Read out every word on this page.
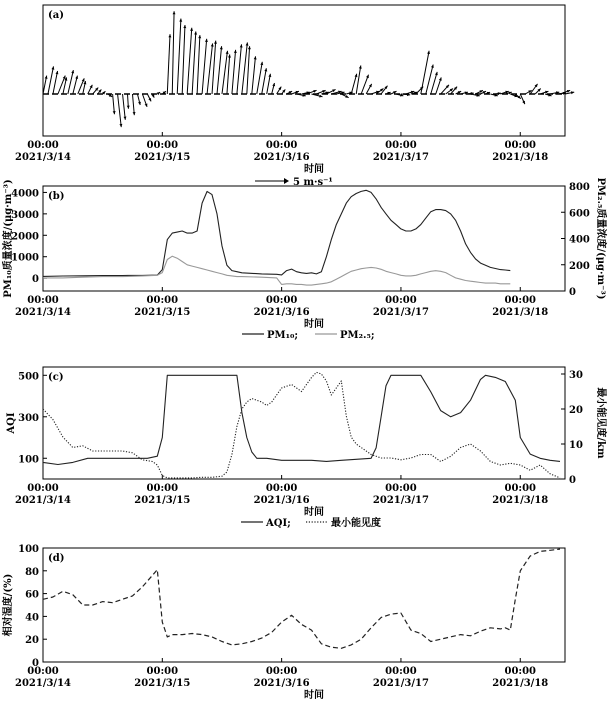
(a)
00:00
2021/3/14
00:00
2021/3/15
00:00
2021/3/16
00:00
2021/3/17
00:00
2021/3/18
时间
5 m·s⁻¹
(b)
00:00
2021/3/14
00:00
2021/3/15
00:00
2021/3/16
00:00
2021/3/17
00:00
2021/3/18
时间
0
1000
2000
3000
4000
0
200
400
600
800
PM₁₀质量浓度/(μg·m⁻³)	PM₂.₅质量浓度/(μg·m⁻³)
PM₁₀;	PM₂.₅;
(c)
00:00
2021/3/14
00:00
2021/3/15
00:00
2021/3/16
00:00
2021/3/17
00:00
2021/3/18
时间
100
300
500
0
10
20
30
AQI	最小能见度/km
AQI;	最小能见度
(d)
00:00
2021/3/14
00:00
2021/3/15
00:00
2021/3/16
00:00
2021/3/17
00:00
2021/3/18
时间
0
20
40
60
80
100
相对湿度/(%)
